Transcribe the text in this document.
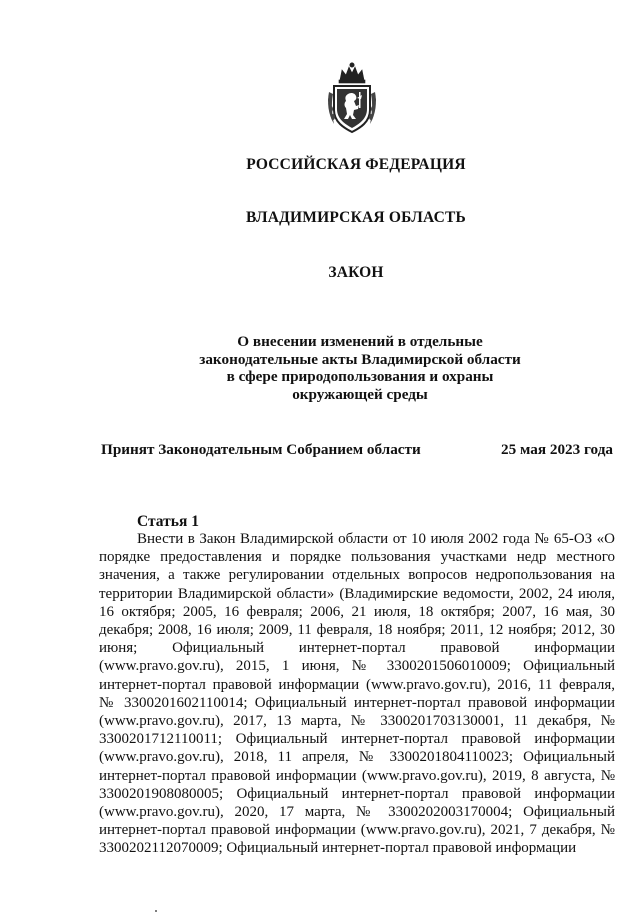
РОССИЙСКАЯ ФЕДЕРАЦИЯ

ВЛАДИМИРСКАЯ ОБЛАСТЬ

ЗАКОН

О внесении изменений в отдельные
законодательные акты Владимирской области
в сфере природопользования и охраны
окружающей среды
Принят Законодательным Собранием области	25 мая 2023 года

Статья 1

Внести в Закон Владимирской области от 10 июля 2002 года № 65-ОЗ «О порядке предоставления и порядке пользования участками недр местного значения, а также регулировании отдельных вопросов недропользования на территории Владимирской области» (Владимирские ведомости, 2002, 24 июля, 16 октября; 2005, 16 февраля; 2006, 21 июля, 18 октября; 2007, 16 мая, 30 декабря; 2008, 16 июля; 2009, 11 февраля, 18 ноября; 2011, 12 ноября; 2012, 30 июня; Официальный интернет-портал правовой информации (www.pravo.gov.ru), 2015, 1 июня, № 3300201506010009; Официальный интернет-портал правовой информации (www.pravo.gov.ru), 2016, 11 февраля, № 3300201602110014; Официальный интернет-портал правовой информации (www.pravo.gov.ru), 2017, 13 марта, № 3300201703130001, 11 декабря, № 3300201712110011; Официальный интернет-портал правовой информации (www.pravo.gov.ru), 2018, 11 апреля, № 3300201804110023; Официальный интернет-портал правовой информации (www.pravo.gov.ru), 2019, 8 августа, № 3300201908080005; Официальный интернет-портал правовой информации (www.pravo.gov.ru), 2020, 17 марта, № 3300202003170004; Официальный интернет-портал правовой информации (www.pravo.gov.ru), 2021, 7 декабря, № 3300202112070009; Официальный интернет-портал правовой информации
